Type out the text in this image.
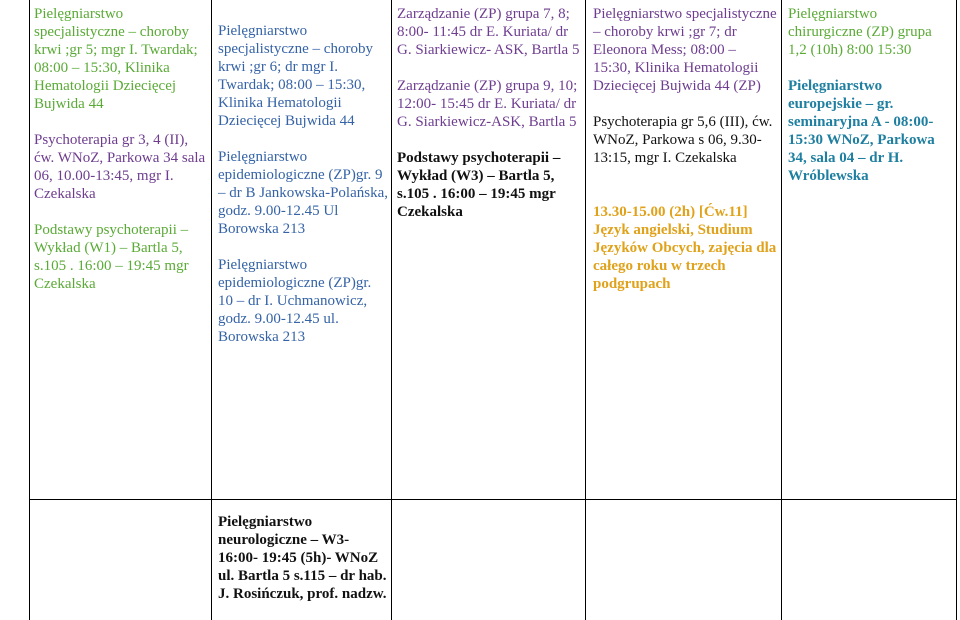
Pielęgniarstwo specjalistyczne – choroby krwi ;gr 5; mgr I. Twardak; 08:00 – 15:30, Klinika Hematologii Dziecięcej Bujwida 44

Psychoterapia gr 3, 4 (II), ćw. WNoZ, Parkowa 34 sala 06, 10.00-13:45, mgr I. Czekalska

Podstawy psychoterapii – Wykład (W1) – Bartla 5, s.105 . 16:00 – 19:45 mgr Czekalska

Pielęgniarstwo specjalistyczne – choroby krwi ;gr 6; dr mgr I. Twardak; 08:00 – 15:30, Klinika Hematologii Dziecięcej Bujwida 44

Pielęgniarstwo epidemiologiczne (ZP)gr. 9 – dr B Jankowska-Polańska, godz. 9.00-12.45 Ul Borowska 213

Pielęgniarstwo epidemiologiczne (ZP)gr. 10 – dr I. Uchmanowicz, godz. 9.00-12.45 ul. Borowska 213

Pielęgniarstwo neurologiczne – W3- 16:00- 19:45 (5h)- WNoZ ul. Bartla 5 s.115 – dr hab. J. Rosińczuk, prof. nadzw.

Zarządzanie (ZP) grupa 7, 8; 8:00- 11:45 dr E. Kuriata/ dr G. Siarkiewicz- ASK, Bartla 5

Zarządzanie (ZP) grupa 9, 10; 12:00- 15:45 dr E. Kuriata/ dr G. Siarkiewicz-ASK, Bartla 5

Podstawy psychoterapii – Wykład (W3) – Bartla 5, s.105 . 16:00 – 19:45 mgr Czekalska

Pielęgniarstwo specjalistyczne – choroby krwi ;gr 7; dr Eleonora Mess; 08:00 – 15:30, Klinika Hematologii Dziecięcej Bujwida 44 (ZP)

Psychoterapia gr 5,6 (III), ćw. WNoZ, Parkowa s 06, 9.30-13:15, mgr I. Czekalska

13.30-15.00 (2h) [Ćw.11] Język angielski, Studium Języków Obcych, zajęcia dla całego roku w trzech podgrupach

Pielęgniarstwo chirurgiczne (ZP) grupa 1,2 (10h) 8:00 15:30

Pielęgniarstwo europejskie – gr. seminaryjna A - 08:00-15:30 WNoZ, Parkowa 34, sala 04 – dr H. Wróblewska
